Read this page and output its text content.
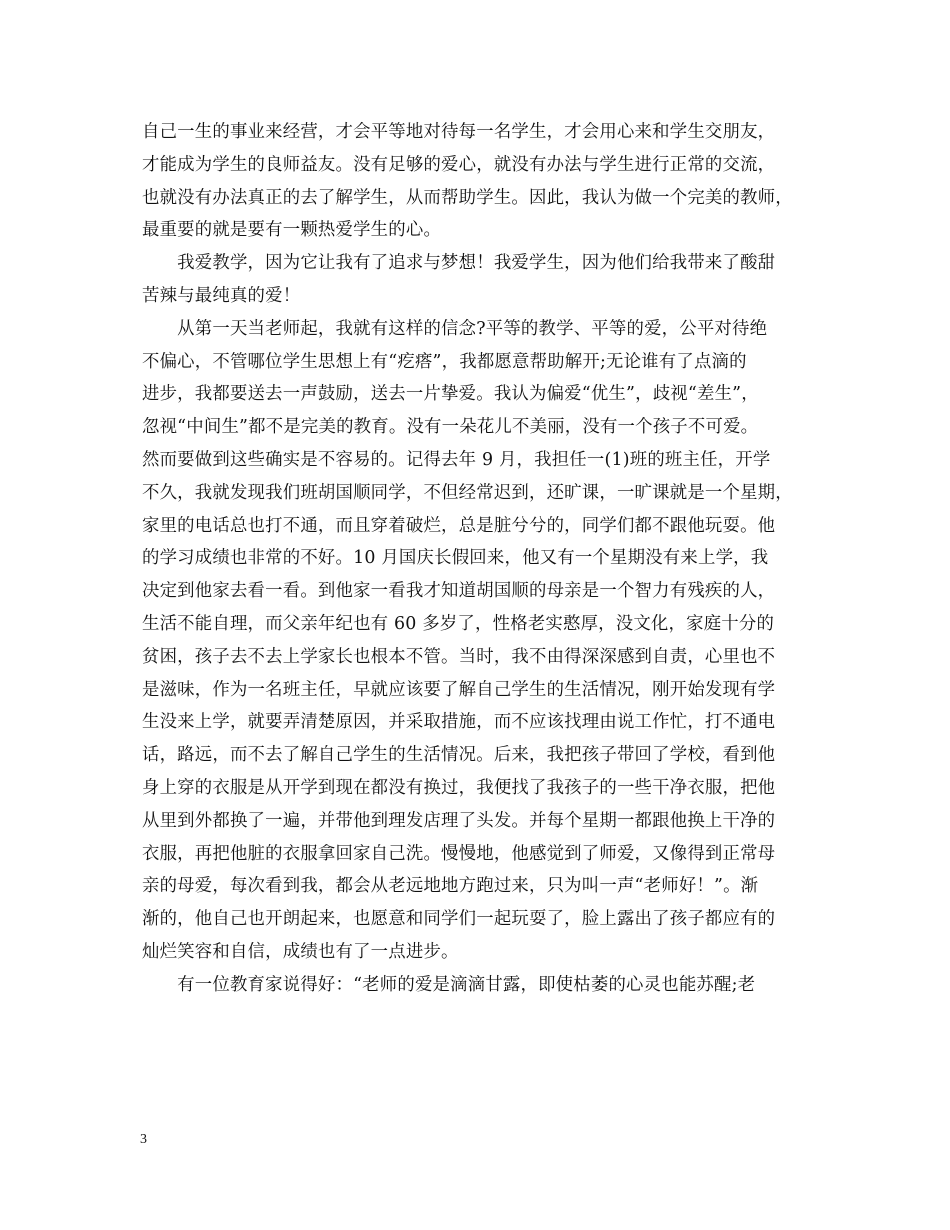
自己一生的事业来经营，才会平等地对待每一名学生，才会用心来和学生交朋友，
才能成为学生的良师益友。没有足够的爱心，就没有办法与学生进行正常的交流，
也就没有办法真正的去了解学生，从而帮助学生。因此，我认为做一个完美的教师，
最重要的就是要有一颗热爱学生的心。
　　我爱教学，因为它让我有了追求与梦想！我爱学生，因为他们给我带来了酸甜
苦辣与最纯真的爱！
　　从第一天当老师起，我就有这样的信念?平等的教学、平等的爱，公平对待绝
不偏心，不管哪位学生思想上有“疙瘩”，我都愿意帮助解开;无论谁有了点滴的
进步，我都要送去一声鼓励，送去一片挚爱。我认为偏爱“优生”，歧视“差生”，
忽视“中间生”都不是完美的教育。没有一朵花儿不美丽，没有一个孩子不可爱。
然而要做到这些确实是不容易的。记得去年 9 月，我担任一(1)班的班主任，开学
不久，我就发现我们班胡国顺同学，不但经常迟到，还旷课，一旷课就是一个星期，
家里的电话总也打不通，而且穿着破烂，总是脏兮兮的，同学们都不跟他玩耍。他
的学习成绩也非常的不好。10 月国庆长假回来，他又有一个星期没有来上学，我
决定到他家去看一看。到他家一看我才知道胡国顺的母亲是一个智力有残疾的人，
生活不能自理，而父亲年纪也有 60 多岁了，性格老实憨厚，没文化，家庭十分的
贫困，孩子去不去上学家长也根本不管。当时，我不由得深深感到自责，心里也不
是滋味，作为一名班主任，早就应该要了解自己学生的生活情况，刚开始发现有学
生没来上学，就要弄清楚原因，并采取措施，而不应该找理由说工作忙，打不通电
话，路远，而不去了解自己学生的生活情况。后来，我把孩子带回了学校，看到他
身上穿的衣服是从开学到现在都没有换过，我便找了我孩子的一些干净衣服，把他
从里到外都换了一遍，并带他到理发店理了头发。并每个星期一都跟他换上干净的
衣服，再把他脏的衣服拿回家自己洗。慢慢地，他感觉到了师爱，又像得到正常母
亲的母爱，每次看到我，都会从老远地地方跑过来，只为叫一声“老师好！”。渐
渐的，他自己也开朗起来，也愿意和同学们一起玩耍了，脸上露出了孩子都应有的
灿烂笑容和自信，成绩也有了一点进步。
　　有一位教育家说得好：“老师的爱是滴滴甘露，即使枯萎的心灵也能苏醒;老
3
